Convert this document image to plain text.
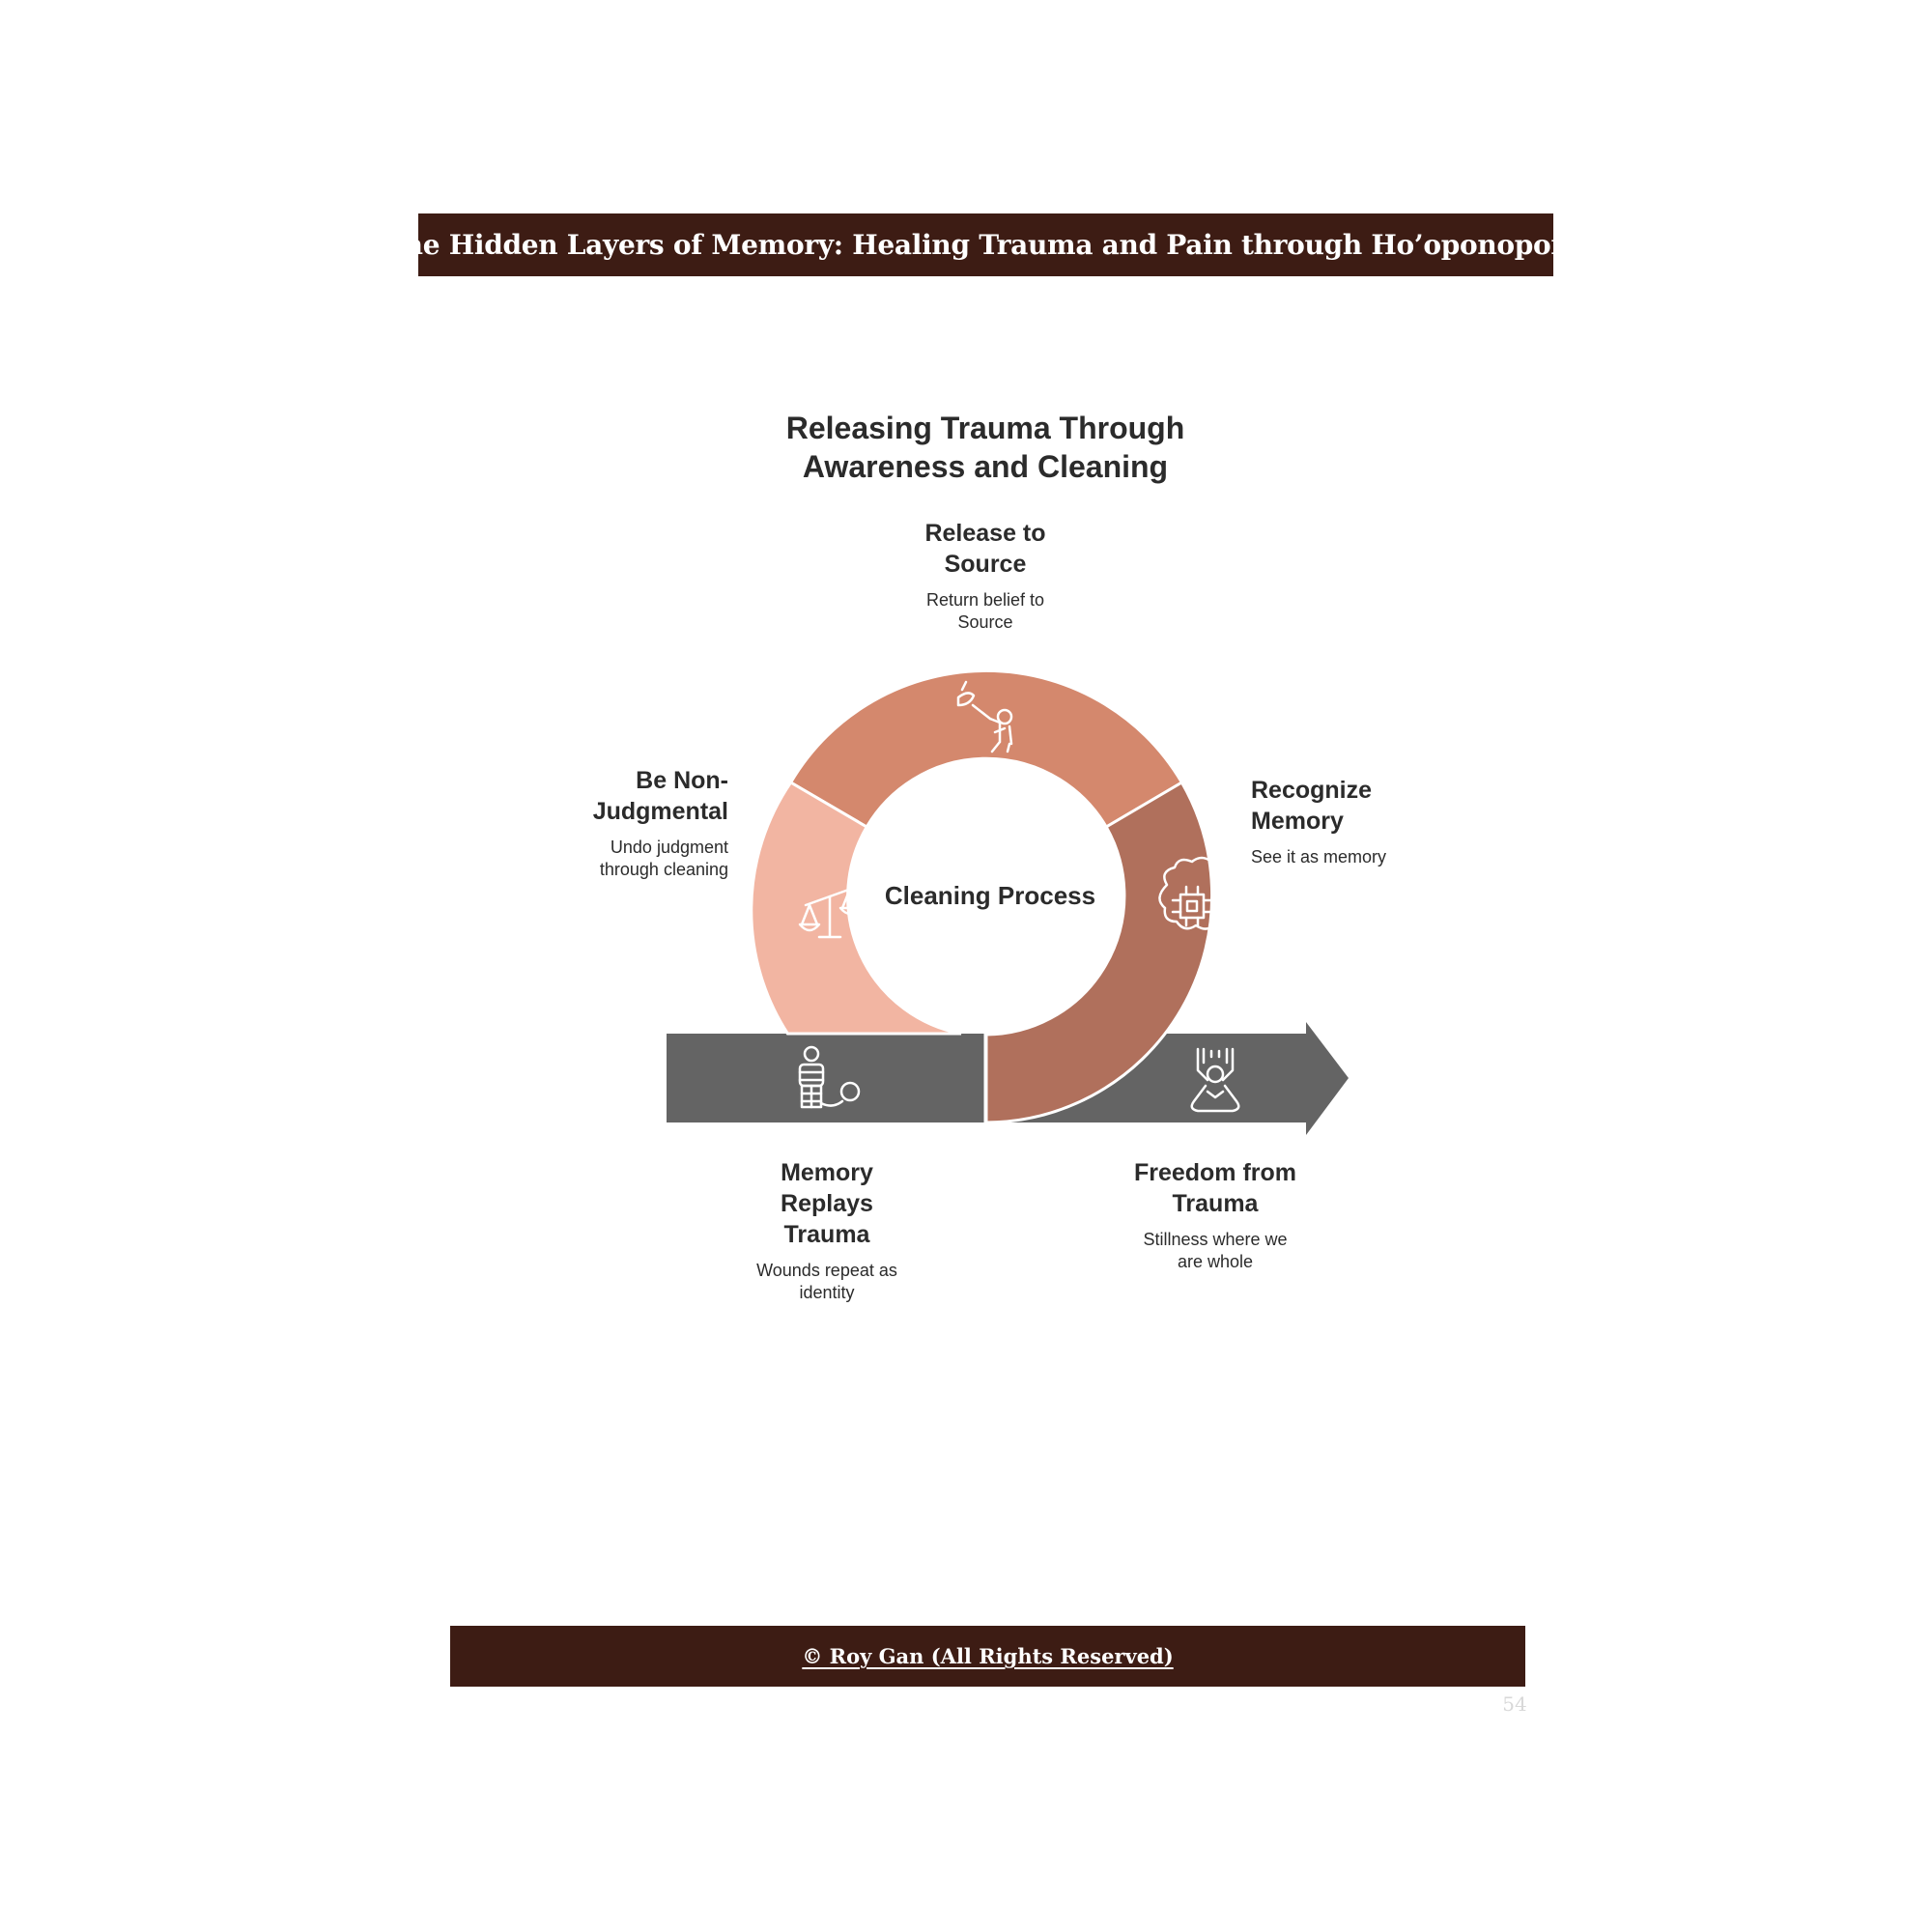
The Hidden Layers of Memory: Healing Trauma and Pain through Ho’oponopono
Releasing Trauma Through
Awareness and Cleaning
Cleaning Process
Release to
Source
Return belief to
Source
Recognize
Memory
See it as memory
Be Non-
Judgmental
Undo judgment
through cleaning
Memory
Replays
Trauma
Wounds repeat as
identity
Freedom from
Trauma
Stillness where we
are whole
© Roy Gan (All Rights Reserved)
54
